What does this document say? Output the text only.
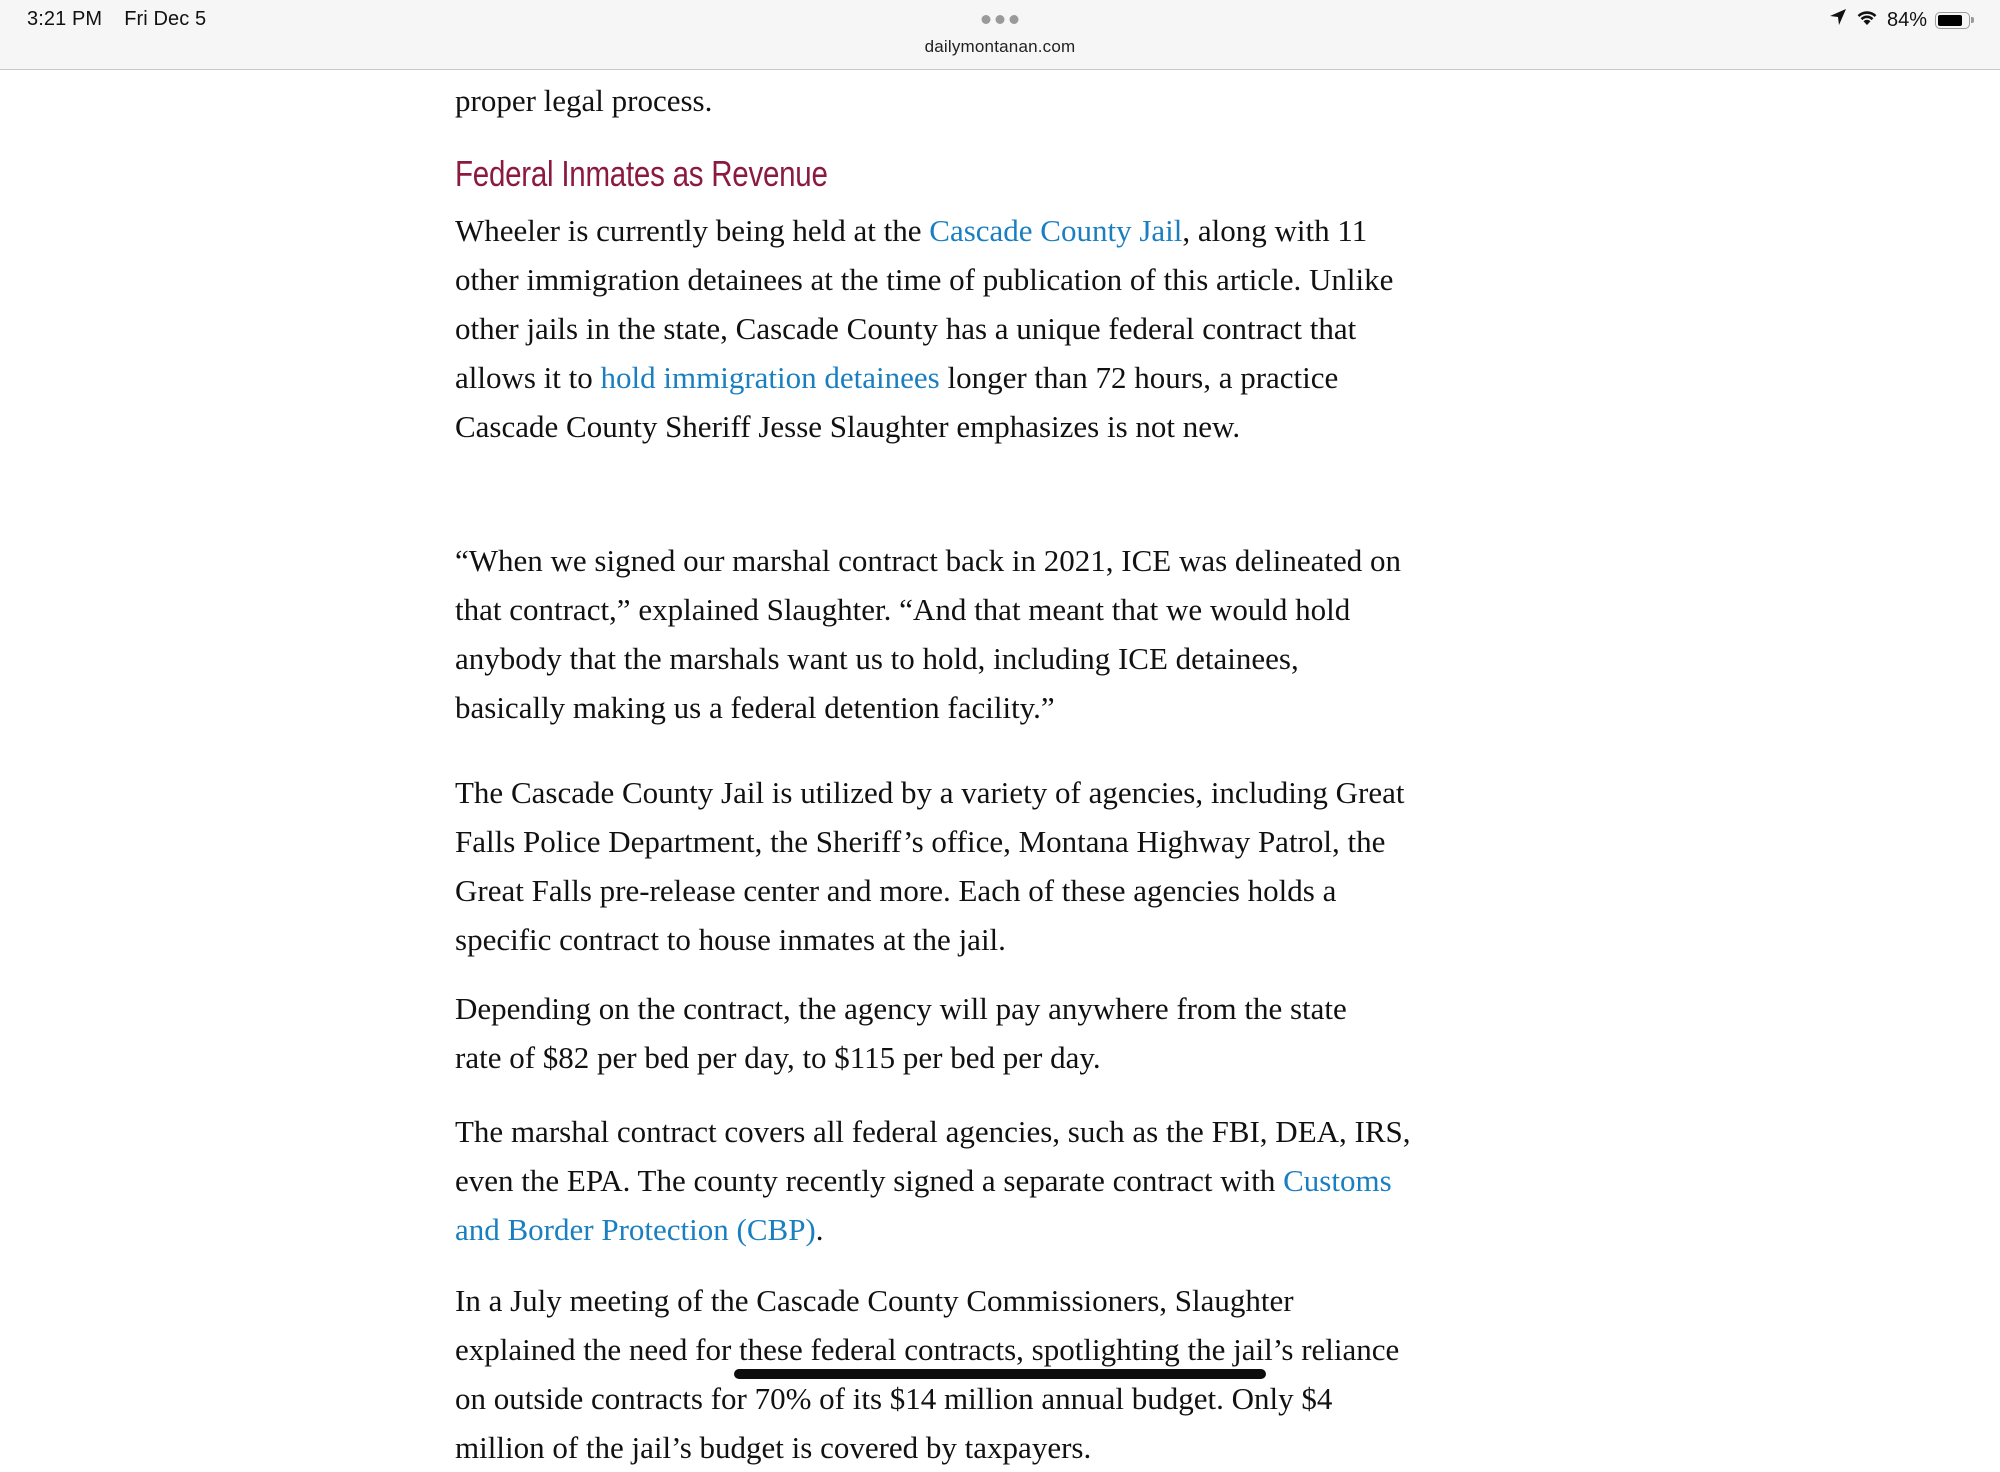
3:21 PM Fri Dec 5
dailymontanan.com
84%

proper legal process.

Federal Inmates as Revenue

Wheeler is currently being held at the Cascade County Jail, along with 11

other immigration detainees at the time of publication of this article. Unlike

other jails in the state, Cascade County has a unique federal contract that

allows it to hold immigration detainees longer than 72 hours, a practice

Cascade County Sheriff Jesse Slaughter emphasizes is not new.

“When we signed our marshal contract back in 2021, ICE was delineated on

that contract,” explained Slaughter. “And that meant that we would hold

anybody that the marshals want us to hold, including ICE detainees,

basically making us a federal detention facility.”

The Cascade County Jail is utilized by a variety of agencies, including Great

Falls Police Department, the Sheriff’s office, Montana Highway Patrol, the

Great Falls pre-release center and more. Each of these agencies holds a

specific contract to house inmates at the jail.

Depending on the contract, the agency will pay anywhere from the state

rate of $82 per bed per day, to $115 per bed per day.

The marshal contract covers all federal agencies, such as the FBI, DEA, IRS,

even the EPA. The county recently signed a separate contract with Customs

and Border Protection (CBP).

In a July meeting of the Cascade County Commissioners, Slaughter

explained the need for these federal contracts, spotlighting the jail’s reliance

on outside contracts for 70% of its $14 million annual budget. Only $4

million of the jail’s budget is covered by taxpayers.
